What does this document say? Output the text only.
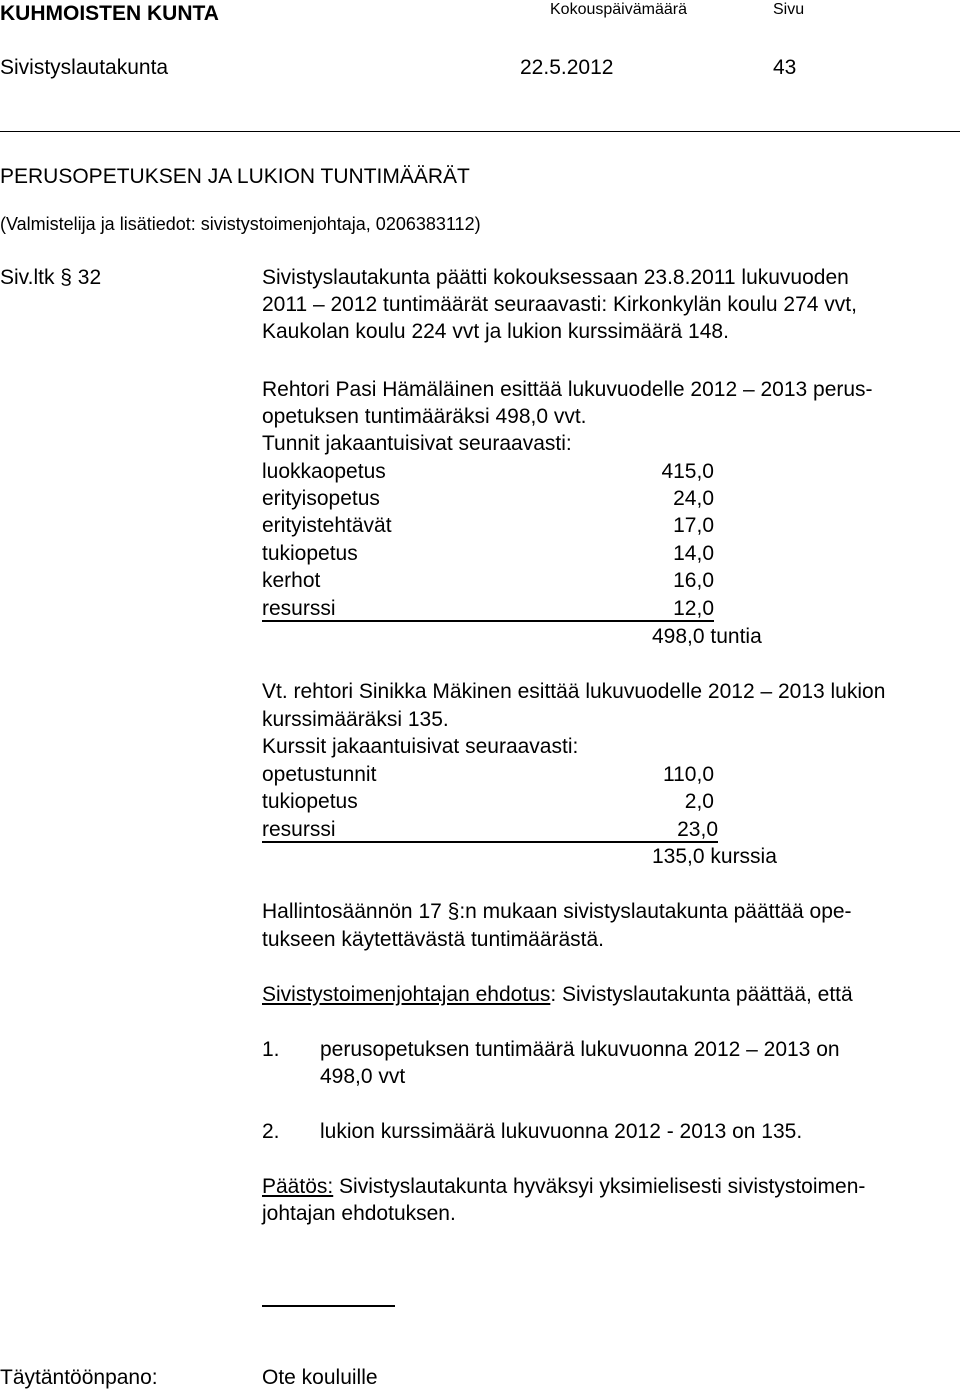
KUHMOISTEN KUNTA	Kokouspäivämäärä	Sivu
Sivistyslautakunta	22.5.2012	43
PERUSOPETUKSEN JA LUKION TUNTIMÄÄRÄT
(Valmistelija ja lisätiedot: sivistystoimenjohtaja, 0206383112)
Siv.ltk § 32	Sivistyslautakunta päätti kokouksessaan 23.8.2011 lukuvuoden
2011 – 2012 tuntimäärät seuraavasti: Kirkonkylän koulu 274 vvt,
Kaukolan koulu 224 vvt ja lukion kurssimäärä 148.
Rehtori Pasi Hämäläinen esittää lukuvuodelle 2012 – 2013 perus-
opetuksen tuntimääräksi 498,0 vvt.
Tunnit jakaantuisivat seuraavasti:
luokkaopetus	415,0
erityisopetus	24,0
erityistehtävät	17,0
tukiopetus	14,0
kerhot	16,0
resurssi	12,0
498,0 tuntia
Vt. rehtori Sinikka Mäkinen esittää lukuvuodelle 2012 – 2013 lukion
kurssimääräksi 135.
Kurssit jakaantuisivat seuraavasti:
opetustunnit	110,0
tukiopetus	2,0
resurssi	23,0
135,0 kurssia
Hallintosäännön 17 §:n mukaan sivistyslautakunta päättää ope-
tukseen käytettävästä tuntimäärästä.
Sivistystoimenjohtajan ehdotus: Sivistyslautakunta päättää, että
1. perusopetuksen tuntimäärä lukuvuonna 2012 – 2013 on
498,0 vvt
2. lukion kurssimäärä lukuvuonna 2012 - 2013 on 135.
Päätös: Sivistyslautakunta hyväksyi yksimielisesti sivistystoimen-
johtajan ehdotuksen.
Täytäntöönpano:	Ote kouluille
